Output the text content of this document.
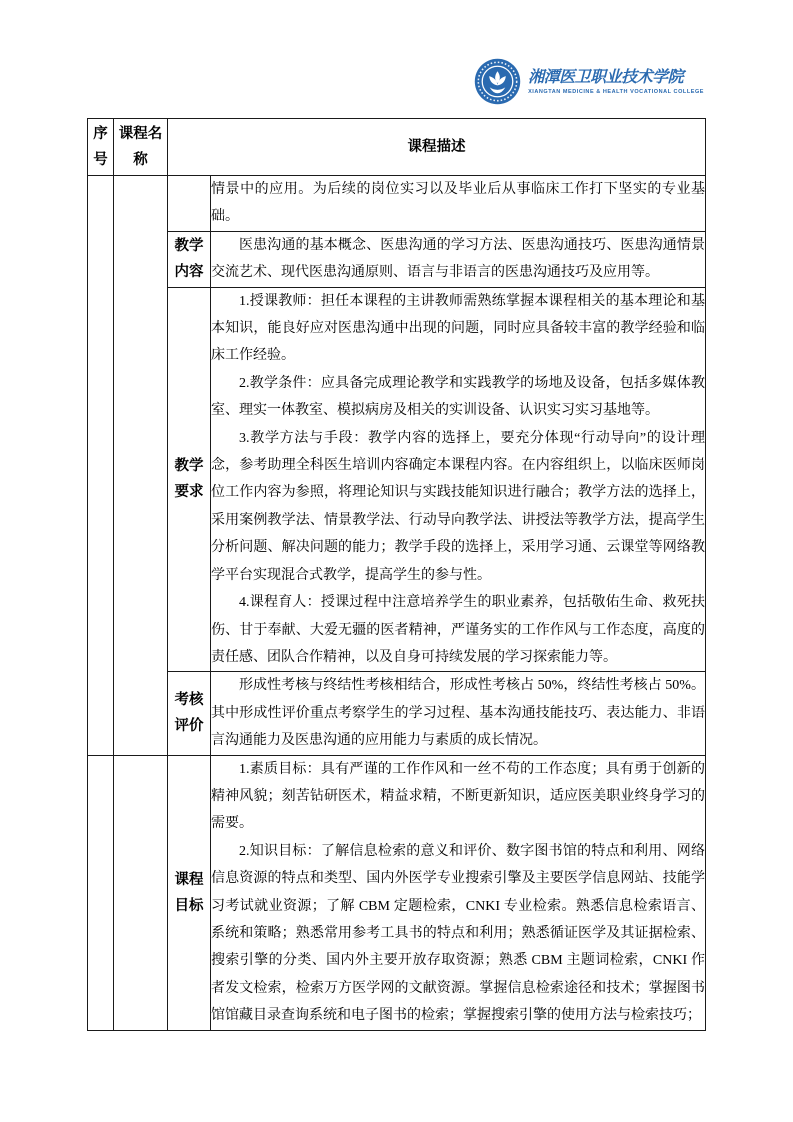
湘潭医卫职业技术学院
XIANGTAN MEDICINE & HEALTH VOCATIONAL COLLEGE
序号	课程名称	课程描述	

			情景中的应用。为后续的岗位实习以及毕业后从事临床工作打下坚实的专业基础。

		教学内容	医患沟通的基本概念、医患沟通的学习方法、医患沟通技巧、医患沟通情景交流艺术、现代医患沟通原则、语言与非语言的医患沟通技巧及应用等。

		教学要求	1.授课教师：担任本课程的主讲教师需熟练掌握本课程相关的基本理论和基本知识，能良好应对医患沟通中出现的问题，同时应具备较丰富的教学经验和临床工作经验。

2.教学条件：应具备完成理论教学和实践教学的场地及设备，包括多媒体教室、理实一体教室、模拟病房及相关的实训设备、认识实习实习基地等。

3.教学方法与手段：教学内容的选择上，要充分体现“行动导向”的设计理念，参考助理全科医生培训内容确定本课程内容。在内容组织上，以临床医师岗位工作内容为参照，将理论知识与实践技能知识进行融合；教学方法的选择上，采用案例教学法、情景教学法、行动导向教学法、讲授法等教学方法，提高学生分析问题、解决问题的能力；教学手段的选择上，采用学习通、云课堂等网络教学平台实现混合式教学，提高学生的参与性。

4.课程育人：授课过程中注意培养学生的职业素养，包括敬佑生命、救死扶伤、甘于奉献、大爱无疆的医者精神，严谨务实的工作作风与工作态度，高度的责任感、团队合作精神，以及自身可持续发展的学习探索能力等。

		考核评价	形成性考核与终结性考核相结合，形成性考核占 50%，终结性考核占 50%。其中形成性评价重点考察学生的学习过程、基本沟通技能技巧、表达能力、非语言沟通能力及医患沟通的应用能力与素质的成长情况。

		课程目标	1.素质目标：具有严谨的工作作风和一丝不苟的工作态度；具有勇于创新的精神风貌；刻苦钻研医术，精益求精，不断更新知识，适应医美职业终身学习的需要。

2.知识目标：了解信息检索的意义和评价、数字图书馆的特点和利用、网络信息资源的特点和类型、国内外医学专业搜索引擎及主要医学信息网站、技能学习考试就业资源；了解 CBM 定题检索，CNKI 专业检索。熟悉信息检索语言、系统和策略；熟悉常用参考工具书的特点和利用；熟悉循证医学及其证据检索、搜索引擎的分类、国内外主要开放存取资源；熟悉 CBM 主题词检索，CNKI 作者发文检索，检索万方医学网的文献资源。掌握信息检索途径和技术；掌握图书馆馆藏目录查询系统和电子图书的检索；掌握搜索引擎的使用方法与检索技巧；
